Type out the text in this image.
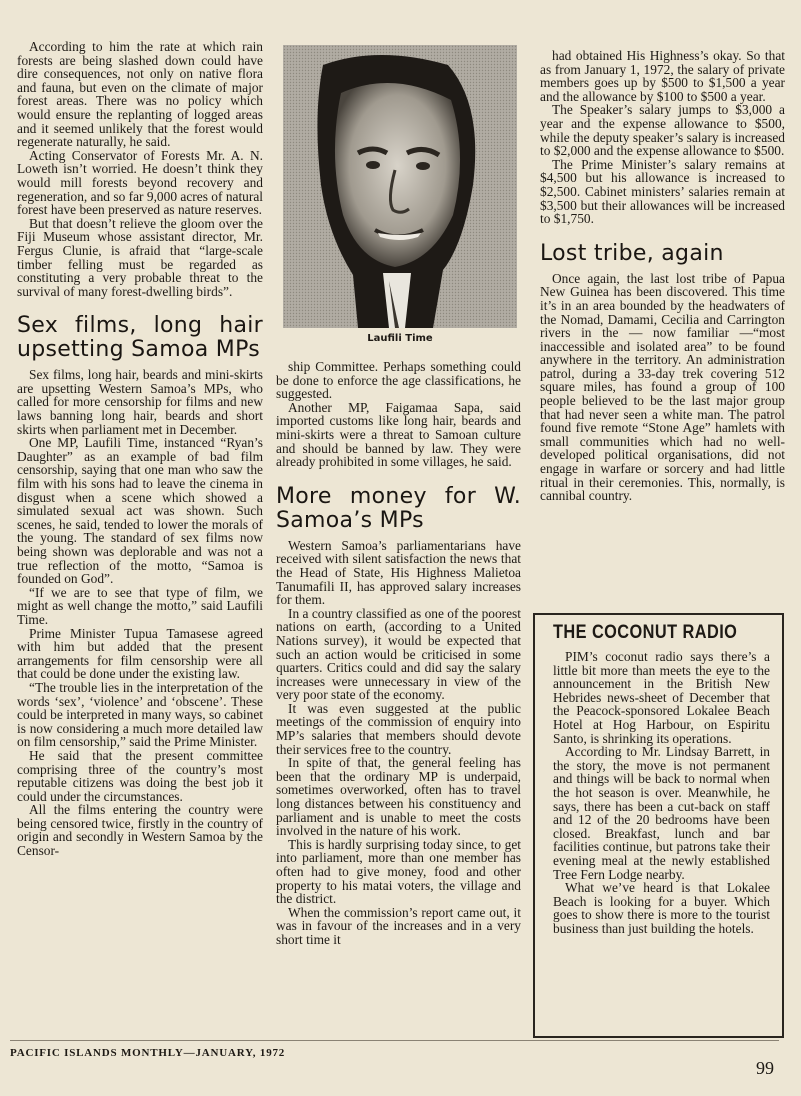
According to him the rate at which rain forests are being slashed down could have dire consequences, not only on native flora and fauna, but even on the climate of major forest areas. There was no policy which would ensure the replanting of logged areas and it seemed unlikely that the forest would regenerate naturally, he said.

Acting Conservator of Forests Mr. A. N. Loweth isn’t worried. He doesn’t think they would mill forests beyond recovery and regeneration, and so far 9,000 acres of natural forest have been preserved as nature reserves.

But that doesn’t relieve the gloom over the Fiji Museum whose assistant director, Mr. Fergus Clunie, is afraid that “large-scale timber felling must be regarded as constituting a very probable threat to the survival of many forest-dwelling birds”.

Sex films, long hair upsetting Samoa MPs

Sex films, long hair, beards and mini-skirts are upsetting Western Samoa’s MPs, who called for more censorship for films and new laws banning long hair, beards and short skirts when parliament met in December.

One MP, Laufili Time, instanced “Ryan’s Daughter” as an example of bad film censorship, saying that one man who saw the film with his sons had to leave the cinema in disgust when a scene which showed a simulated sexual act was shown. Such scenes, he said, tended to lower the morals of the young. The standard of sex films now being shown was deplorable and was not a true reflection of the motto, “Samoa is founded on God”.

“If we are to see that type of film, we might as well change the motto,” said Laufili Time.

Prime Minister Tupua Tamasese agreed with him but added that the present arrangements for film censorship were all that could be done under the existing law.

“The trouble lies in the interpretation of the words ‘sex’, ‘violence’ and ‘obscene’. These could be interpreted in many ways, so cabinet is now considering a much more detailed law on film censorship,” said the Prime Minister.

He said that the present committee comprising three of the country’s most reputable citizens was doing the best job it could under the circumstances.

All the films entering the country were being censored twice, firstly in the country of origin and secondly in Western Samoa by the Censor-

Laufili Time

ship Committee. Perhaps something could be done to enforce the age classifications, he suggested.

Another MP, Faigamaa Sapa, said imported customs like long hair, beards and mini-skirts were a threat to Samoan culture and should be banned by law. They were already prohibited in some villages, he said.

More money for W. Samoa’s MPs

Western Samoa’s parliamentarians have received with silent satisfaction the news that the Head of State, His Highness Malietoa Tanumafili II, has approved salary increases for them.

In a country classified as one of the poorest nations on earth, (according to a United Nations survey), it would be expected that such an action would be criticised in some quarters. Critics could and did say the salary increases were unnecessary in view of the very poor state of the economy.

It was even suggested at the public meetings of the commission of enquiry into MP’s salaries that members should devote their services free to the country.

In spite of that, the general feeling has been that the ordinary MP is underpaid, sometimes overworked, often has to travel long distances between his constituency and parliament and is unable to meet the costs involved in the nature of his work.

This is hardly surprising today since, to get into parliament, more than one member has often had to give money, food and other property to his matai voters, the village and the district.

When the commission’s report came out, it was in favour of the increases and in a very short time it

had obtained His Highness’s okay. So that as from January 1, 1972, the salary of private members goes up by $500 to $1,500 a year and the allowance by $100 to $500 a year.

The Speaker’s salary jumps to $3,000 a year and the expense allowance to $500, while the deputy speaker’s salary is increased to $2,000 and the expense allowance to $500.

The Prime Minister’s salary remains at $4,500 but his allowance is increased to $2,500. Cabinet ministers’ salaries remain at $3,500 but their allowances will be increased to $1,750.

Lost tribe, again

Once again, the last lost tribe of Papua New Guinea has been discovered. This time it’s in an area bounded by the headwaters of the Nomad, Damami, Cecilia and Carrington rivers in the — now familiar —“most inaccessible and isolated area” to be found anywhere in the territory. An administration patrol, during a 33-day trek covering 512 square miles, has found a group of 100 people believed to be the last major group that had never seen a white man. The patrol found five remote “Stone Age” hamlets with small communities which had no well-developed political organisations, did not engage in warfare or sorcery and had little ritual in their ceremonies. This, normally, is cannibal country.

THE COCONUT RADIO

PIM’s coconut radio says there’s a little bit more than meets the eye to the announcement in the British New Hebrides news-sheet of December that the Peacock-sponsored Lokalee Beach Hotel at Hog Harbour, on Espiritu Santo, is shrinking its operations.

According to Mr. Lindsay Barrett, in the story, the move is not permanent and things will be back to normal when the hot season is over. Meanwhile, he says, there has been a cut-back on staff and 12 of the 20 bedrooms have been closed. Breakfast, lunch and bar facilities continue, but patrons take their evening meal at the newly established Tree Fern Lodge nearby.

What we’ve heard is that Lokalee Beach is looking for a buyer. Which goes to show there is more to the tourist business than just building the hotels.

PACIFIC ISLANDS MONTHLY—JANUARY, 1972
99
